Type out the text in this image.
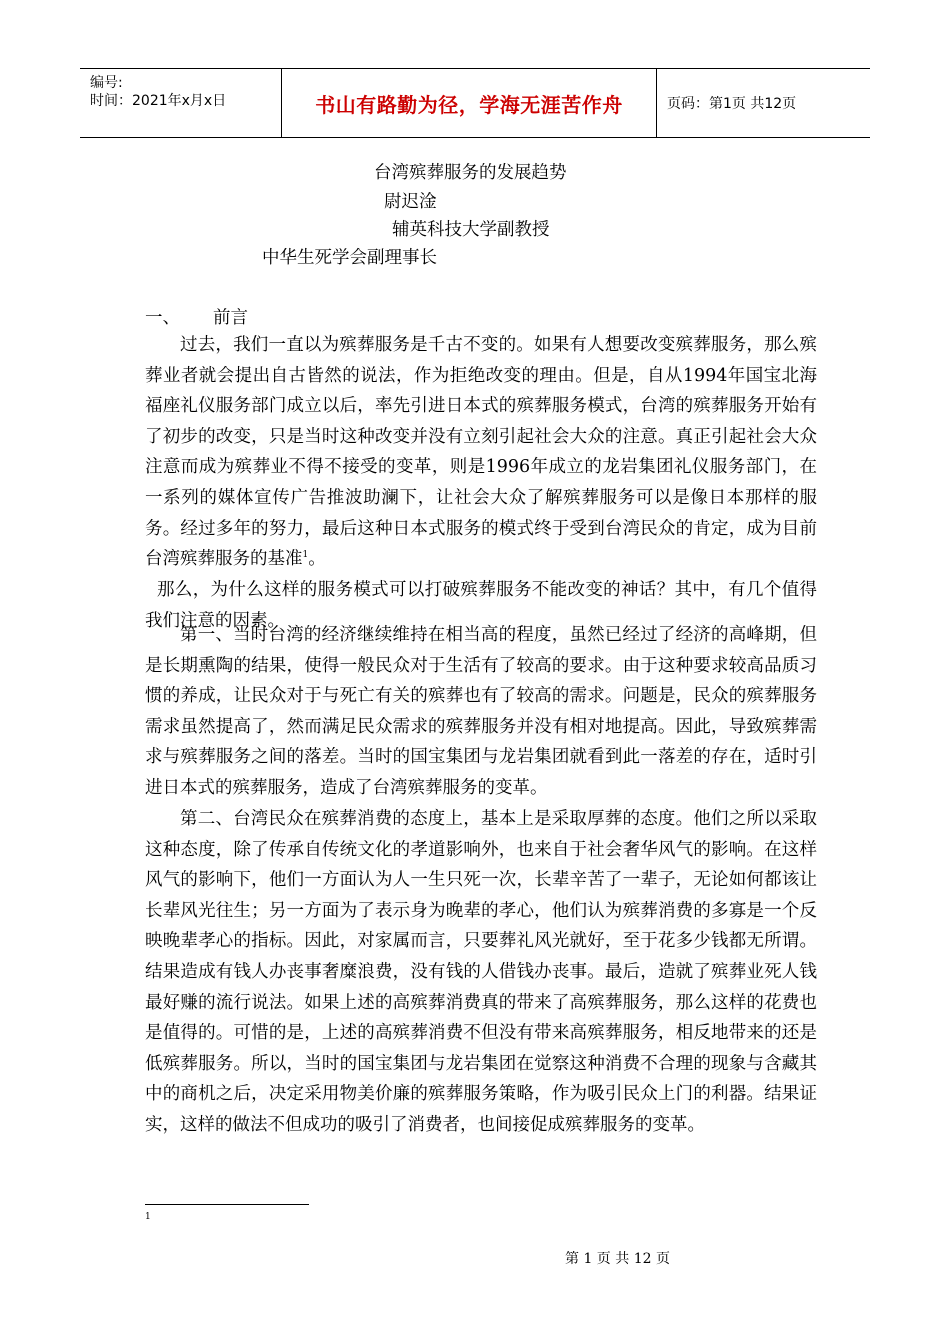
编号:
时间：2021年x月x日	书山有路勤为径，学海无涯苦作舟	页码：第1页 共12页
台湾殡葬服务的发展趋势
尉迟淦
辅英科技大学副教授
中华生死学会副理事长
一、 前言
过去，我们一直以为殡葬服务是千古不变的。如果有人想要改变殡葬服务，那么殡葬业者就会提出自古皆然的说法，作为拒绝改变的理由。但是，自从1994年国宝北海福座礼仪服务部门成立以后，率先引进日本式的殡葬服务模式，台湾的殡葬服务开始有了初步的改变，只是当时这种改变并没有立刻引起社会大众的注意。真正引起社会大众注意而成为殡葬业不得不接受的变革，则是1996年成立的龙岩集团礼仪服务部门，在一系列的媒体宣传广告推波助澜下，让社会大众了解殡葬服务可以是像日本那样的服务。经过多年的努力，最后这种日本式服务的模式终于受到台湾民众的肯定，成为目前台湾殡葬服务的基准$^1$。
那么，为什么这样的服务模式可以打破殡葬服务不能改变的神话？其中，有几个值得我们注意的因素。
第一、当时台湾的经济继续维持在相当高的程度，虽然已经过了经济的高峰期，但是长期熏陶的结果，使得一般民众对于生活有了较高的要求。由于这种要求较高品质习惯的养成，让民众对于与死亡有关的殡葬也有了较高的需求。问题是，民众的殡葬服务需求虽然提高了，然而满足民众需求的殡葬服务并没有相对地提高。因此，导致殡葬需求与殡葬服务之间的落差。当时的国宝集团与龙岩集团就看到此一落差的存在，适时引进日本式的殡葬服务，造成了台湾殡葬服务的变革。
第二、台湾民众在殡葬消费的态度上，基本上是采取厚葬的态度。他们之所以采取这种态度，除了传承自传统文化的孝道影响外，也来自于社会奢华风气的影响。在这样风气的影响下，他们一方面认为人一生只死一次，长辈辛苦了一辈子，无论如何都该让长辈风光往生；另一方面为了表示身为晚辈的孝心，他们认为殡葬消费的多寡是一个反映晚辈孝心的指标。因此，对家属而言，只要葬礼风光就好，至于花多少钱都无所谓。结果造成有钱人办丧事奢糜浪费，没有钱的人借钱办丧事。最后，造就了殡葬业死人钱最好赚的流行说法。如果上述的高殡葬消费真的带来了高殡葬服务，那么这样的花费也是值得的。可惜的是，上述的高殡葬消费不但没有带来高殡葬服务，相反地带来的还是低殡葬服务。所以，当时的国宝集团与龙岩集团在觉察这种消费不合理的现象与含藏其中的商机之后，决定采用物美价廉的殡葬服务策略，作为吸引民众上门的利器。结果证实，这样的做法不但成功的吸引了消费者，也间接促成殡葬服务的变革。
1
第 1 页 共 12 页
